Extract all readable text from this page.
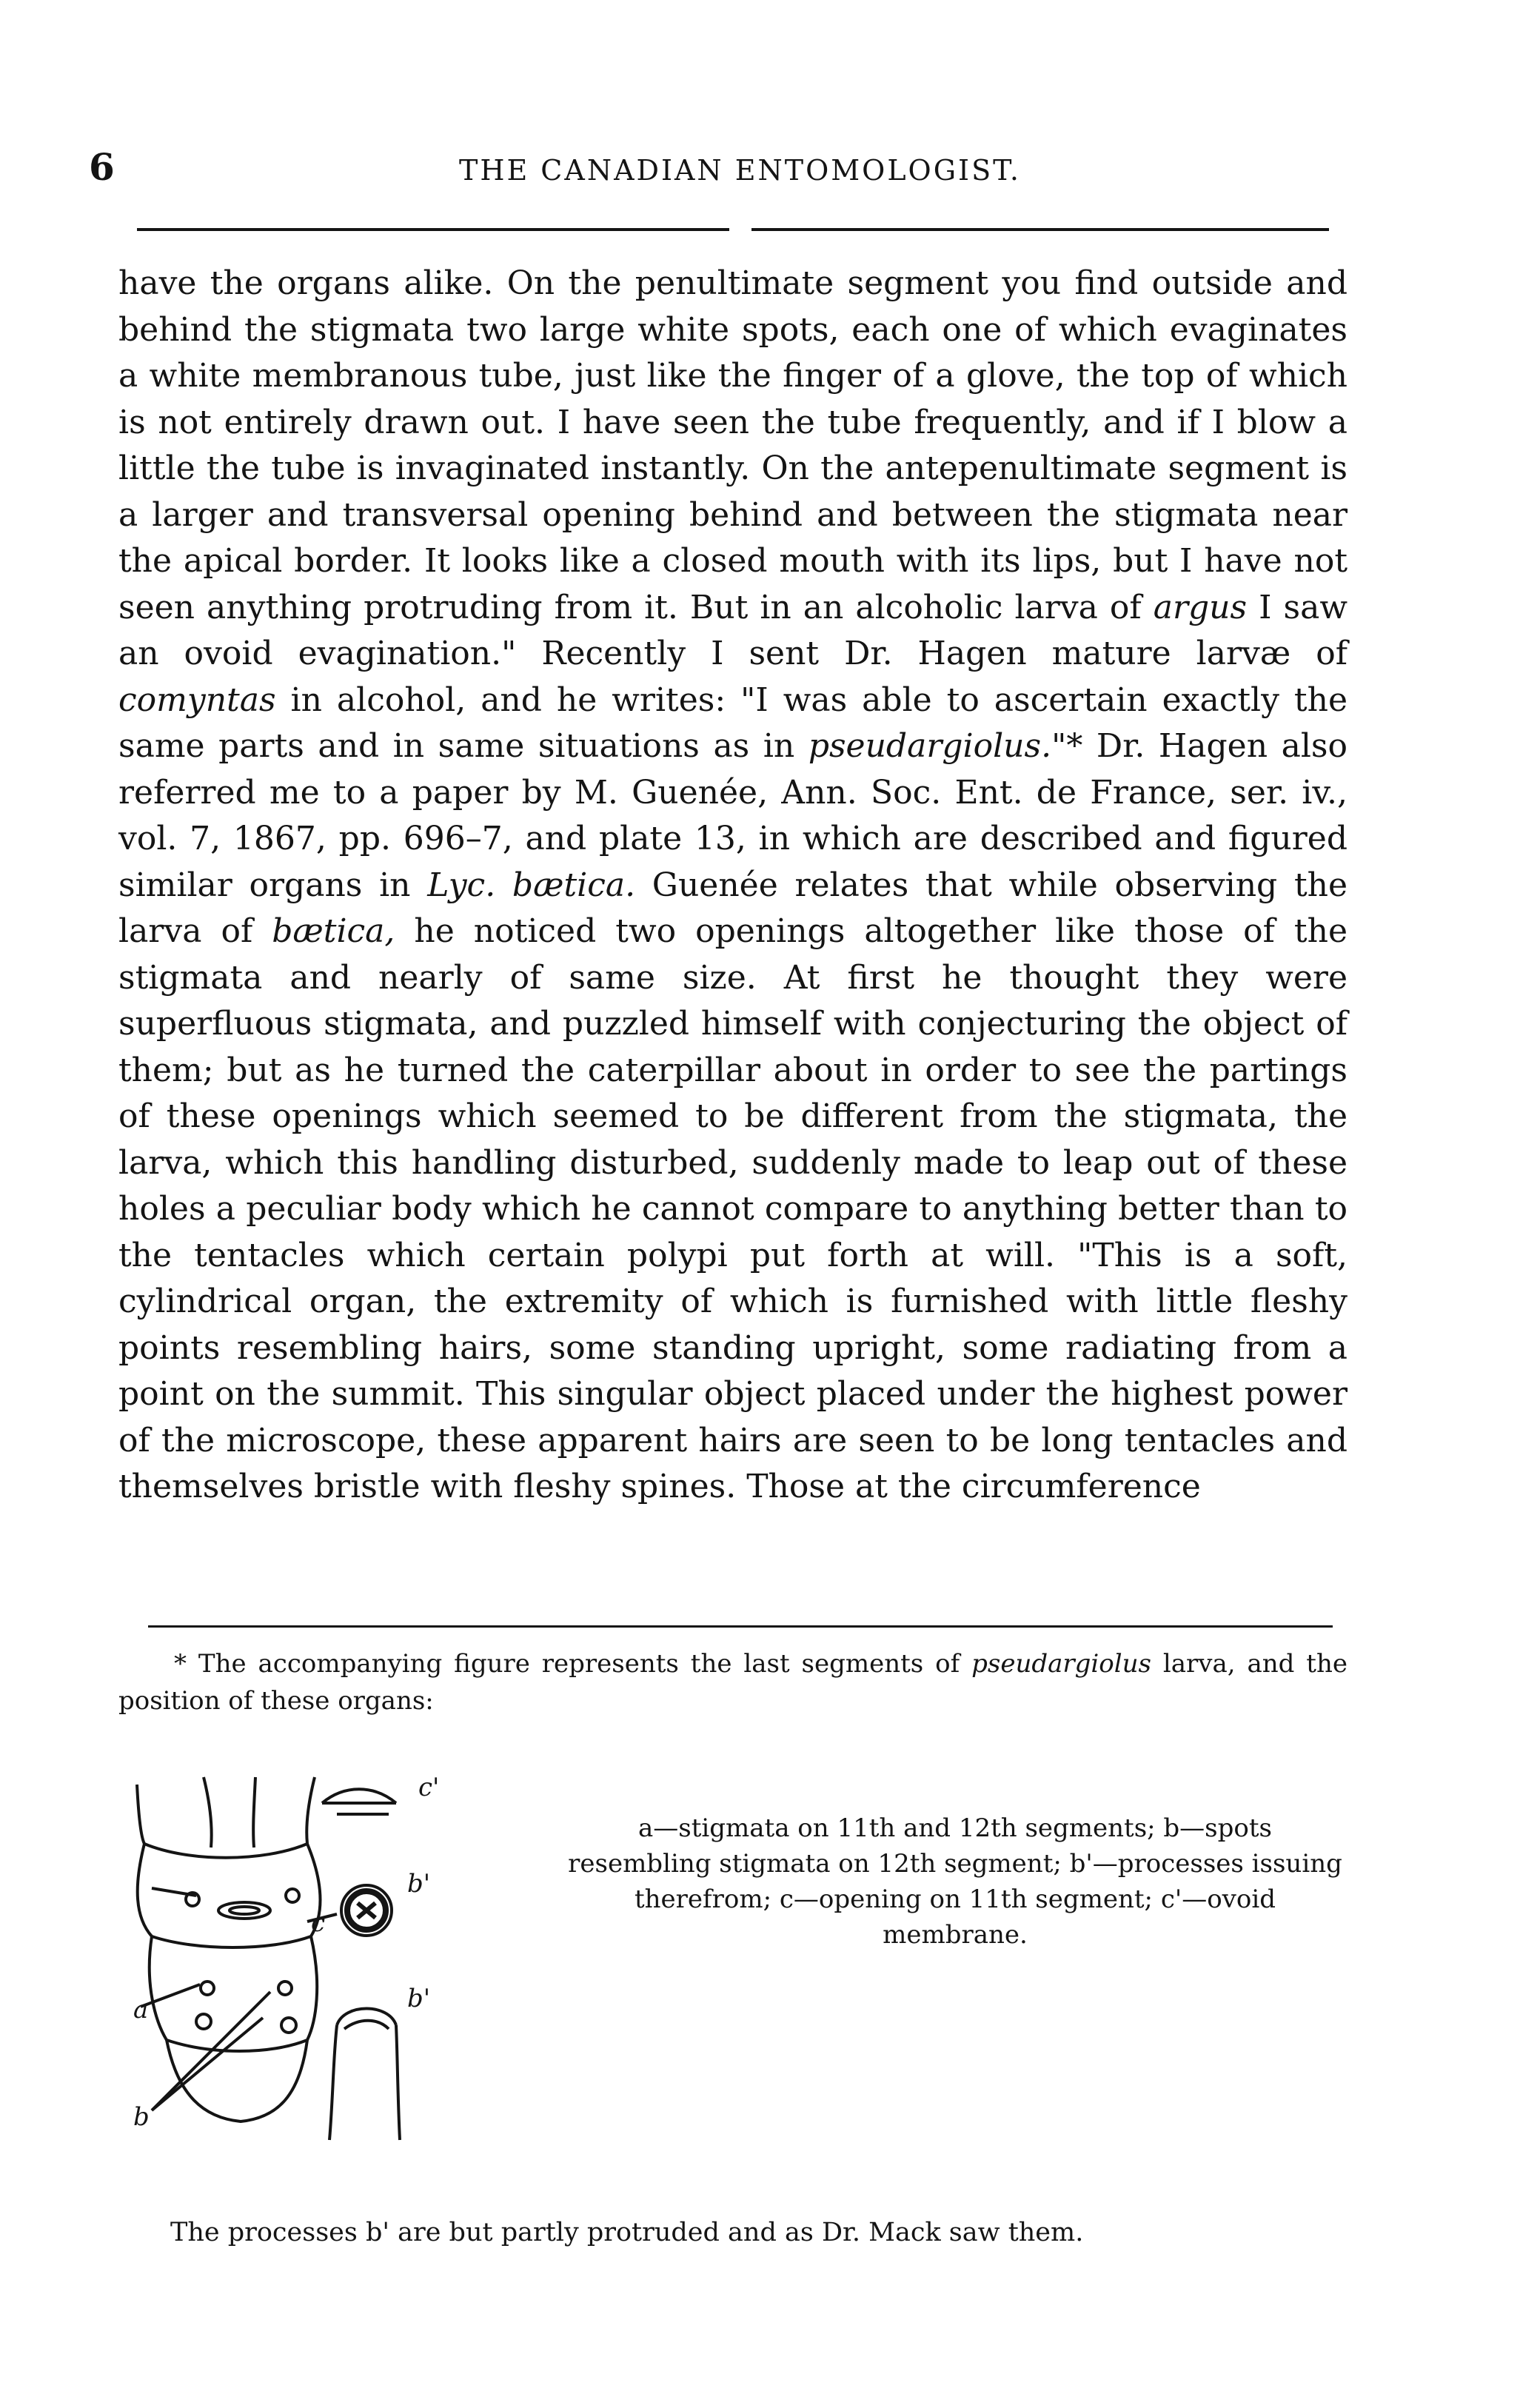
6	THE CANADIAN ENTOMOLOGIST.

have the organs alike. On the penultimate segment you find outside and behind the stigmata two large white spots, each one of which evaginates a white membranous tube, just like the finger of a glove, the top of which is not entirely drawn out. I have seen the tube frequently, and if I blow a little the tube is invaginated instantly. On the antepenultimate segment is a larger and transversal opening behind and between the stigmata near the apical border. It looks like a closed mouth with its lips, but I have not seen anything protruding from it. But in an alcoholic larva of argus I saw an ovoid evagination." Recently I sent Dr. Hagen mature larvæ of comyntas in alcohol, and he writes: "I was able to ascertain exactly the same parts and in same situations as in pseudargiolus."* Dr. Hagen also referred me to a paper by M. Guenée, Ann. Soc. Ent. de France, ser. iv., vol. 7, 1867, pp. 696–7, and plate 13, in which are described and figured similar organs in Lyc. bætica. Guenée relates that while observing the larva of bætica, he noticed two openings altogether like those of the stigmata and nearly of same size. At first he thought they were superfluous stigmata, and puzzled himself with conjecturing the object of them; but as he turned the caterpillar about in order to see the partings of these openings which seemed to be different from the stigmata, the larva, which this handling disturbed, suddenly made to leap out of these holes a peculiar body which he cannot compare to anything better than to the tentacles which certain polypi put forth at will. "This is a soft, cylindrical organ, the extremity of which is furnished with little fleshy points resembling hairs, some standing upright, some radiating from a point on the summit. This singular object placed under the highest power of the microscope, these apparent hairs are seen to be long tentacles and themselves bristle with fleshy spines. Those at the circumference

* The accompanying figure represents the last segments of pseudargiolus larva, and the position of these organs:

a
b
c
c'
b'
b'

a—stigmata on 11th and 12th segments; b—spots resembling stigmata on 12th segment; b'—processes issuing therefrom; c—opening on 11th segment; c'—ovoid membrane.

The processes b' are but partly protruded and as Dr. Mack saw them.
